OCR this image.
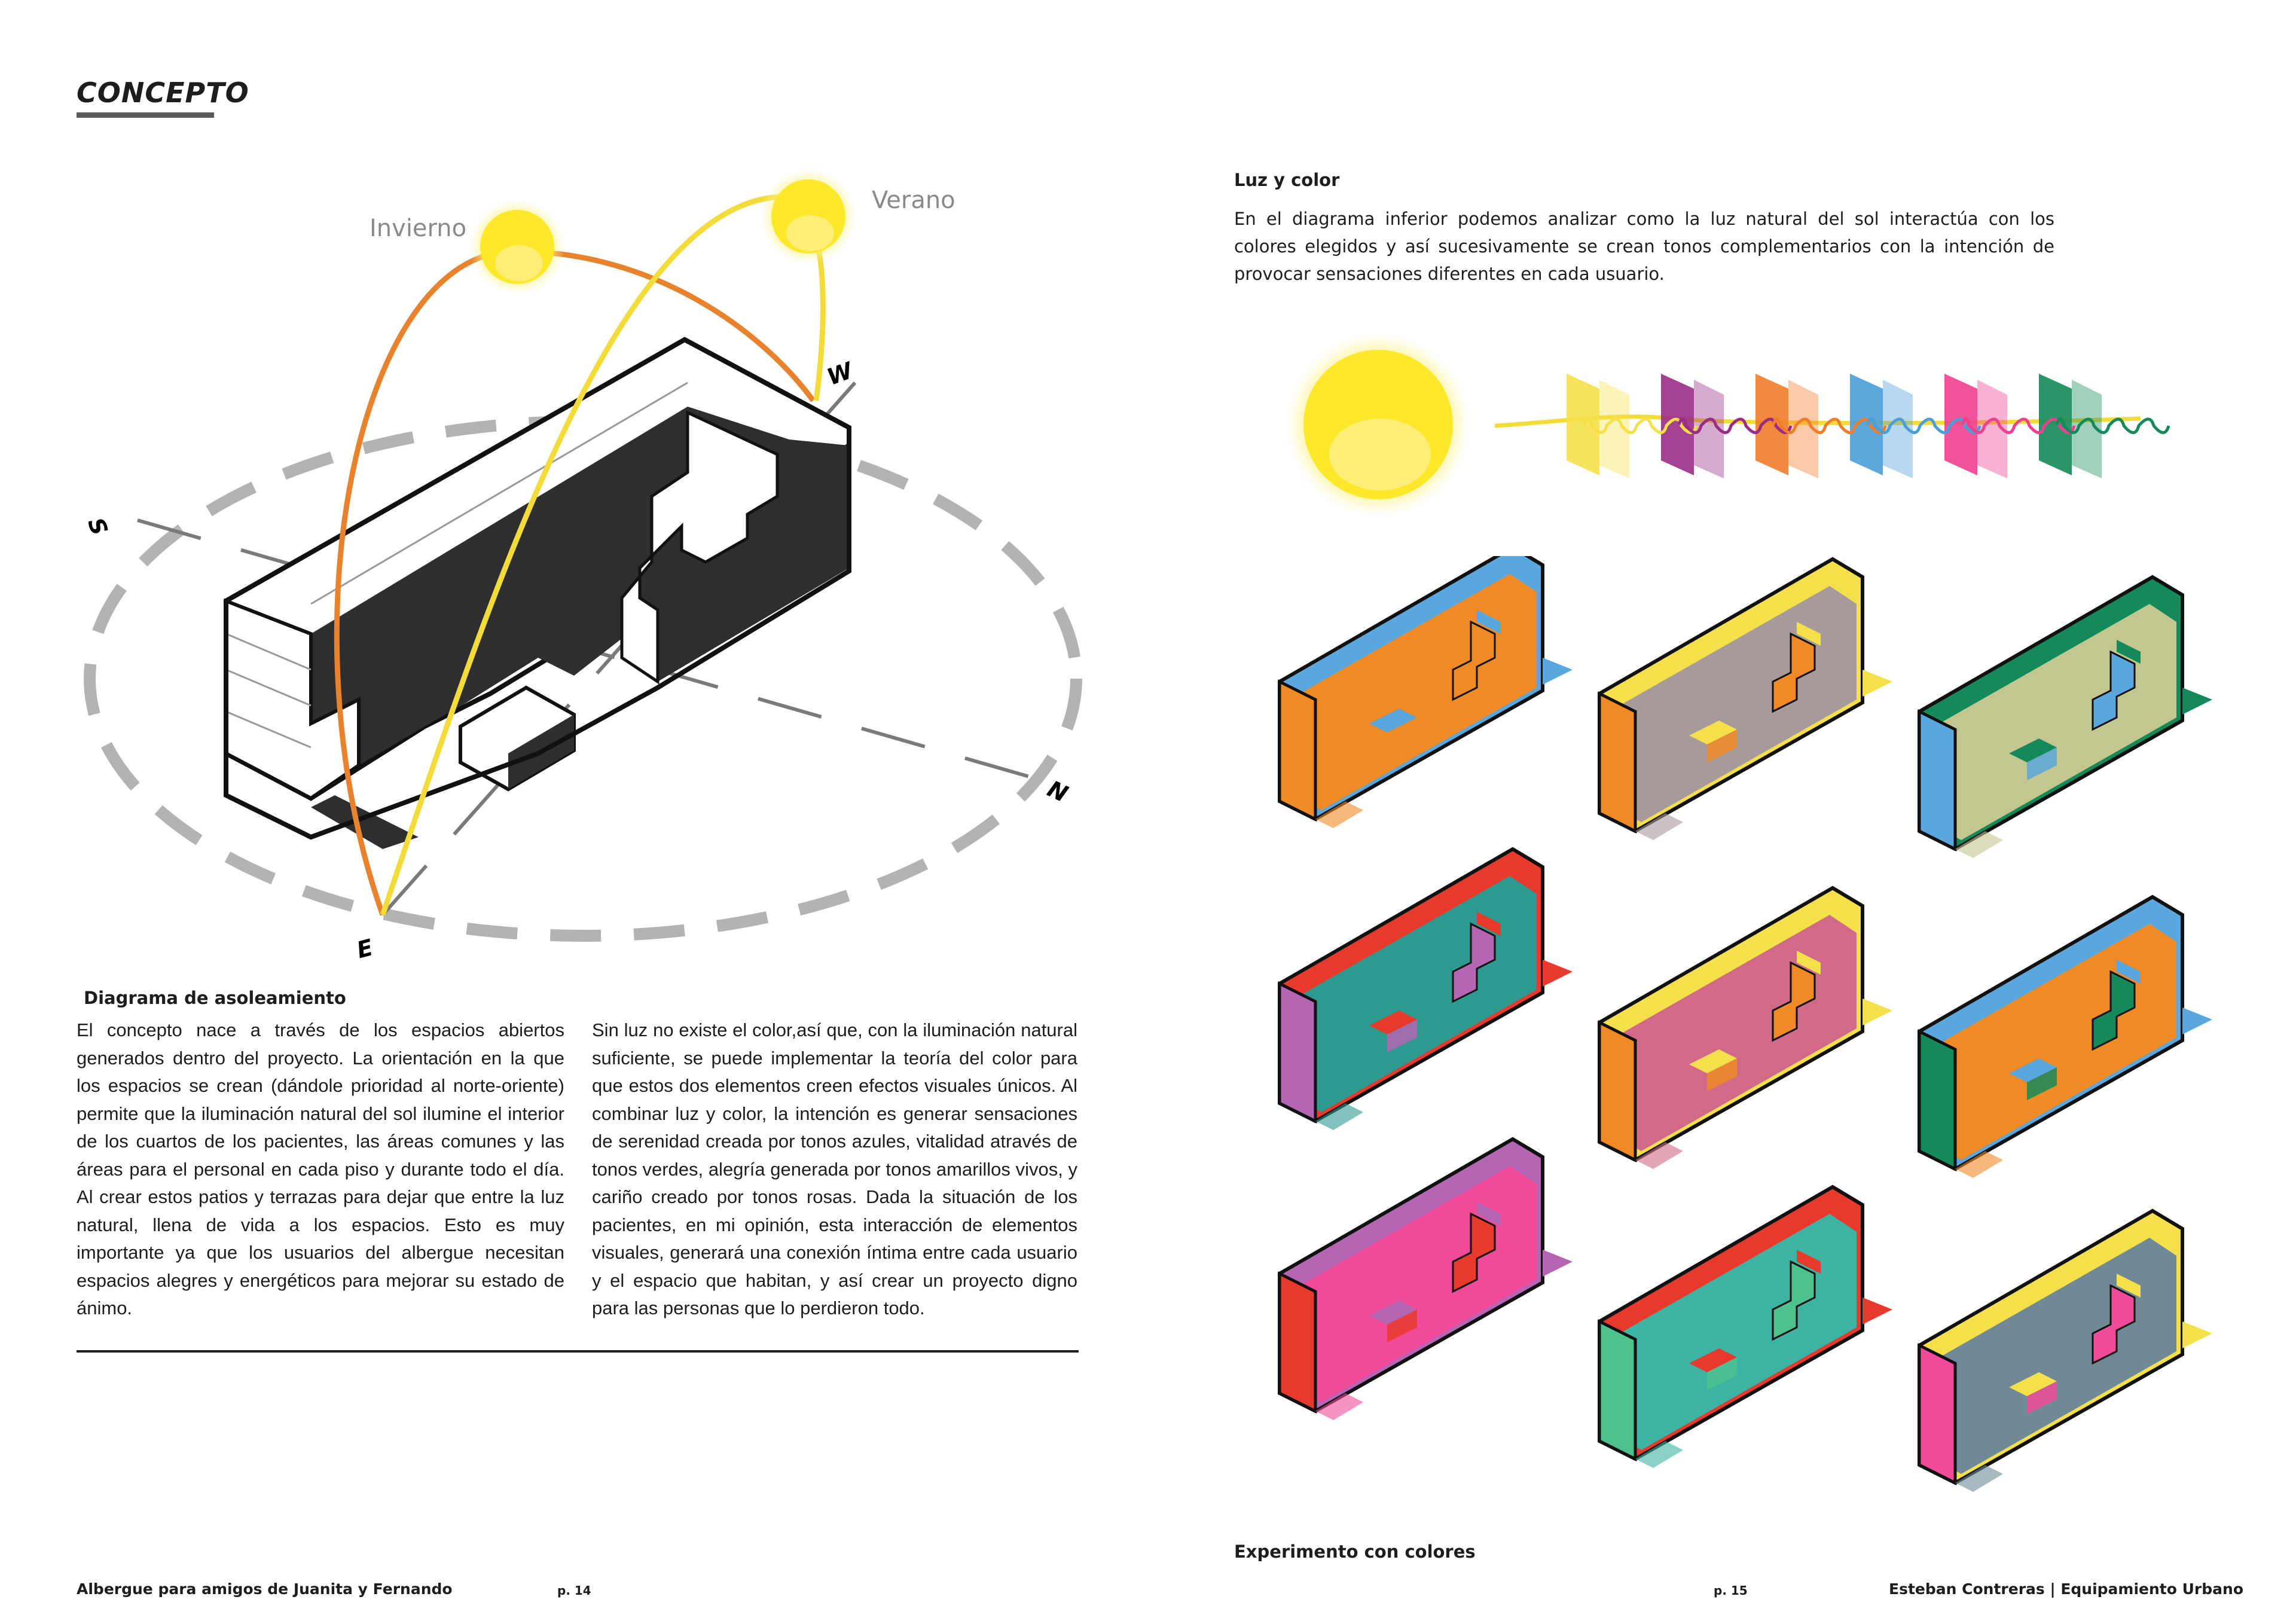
CONCEPTO
Invierno
Verano
W
S
N
E
Diagrama de asoleamiento
El concepto nace a través de los espacios abiertos generados dentro del proyecto. La orientación en la que los espacios se crean (dándole prioridad al norte-oriente) permite que la iluminación natural del sol ilumine el interior de los cuartos de los pacientes, las áreas comunes y las áreas para el personal en cada piso y durante todo el día. Al crear estos patios y terrazas para dejar que entre la luz natural, llena de vida a los espacios. Esto es muy importante ya que los usuarios del albergue necesitan espacios alegres y energéticos para mejorar su estado de ánimo.
Sin luz no existe el color,así que, con la iluminación natural suficiente, se puede implementar la teoría del color para que estos dos elementos creen efectos visuales únicos. Al combinar luz y color, la intención es generar sensaciones de serenidad creada por tonos azules, vitalidad através de tonos verdes, alegría generada por tonos amarillos vivos, y cariño creado por tonos rosas. Dada la situación de los pacientes, en mi opinión, esta interacción de elementos visuales, generará una conexión íntima entre cada usuario y el espacio que habitan, y así crear un proyecto digno para las personas que lo perdieron todo.
Luz y color
En el diagrama inferior podemos analizar como la luz natural del sol interactúa con los colores elegidos y así sucesivamente se crean tonos complementarios con la intención de provocar sensaciones diferentes en cada usuario.
Experimento con colores
Albergue para amigos de Juanita y Fernando	p. 14	p. 15	Esteban Contreras | Equipamiento Urbano
